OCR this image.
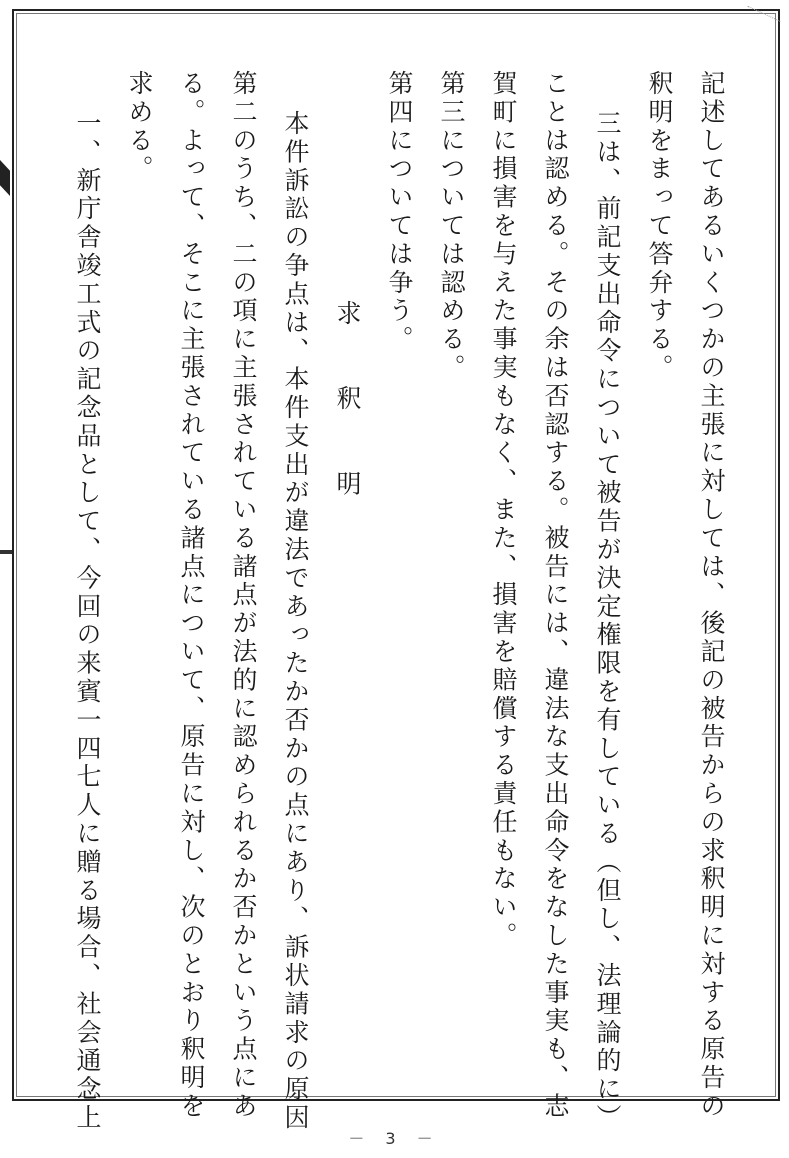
記述してあるいくつかの主張に対しては、後記の被告からの求釈明に対する原告の
釈明をまって答弁する。
三は、前記支出命令について被告が決定権限を有している（但し、法理論的に）
ことは認める。その余は否認する。被告には、違法な支出命令をなした事実も、志
賀町に損害を与えた事実もなく、また、損害を賠償する責任もない。
第三については認める。
第四については争う。
求　　釈　　明
本件訴訟の争点は、本件支出が違法であったか否かの点にあり、訴状請求の原因
第二のうち、二の項に主張されている諸点が法的に認められるか否かという点にあ
る。よって、そこに主張されている諸点について、原告に対し、次のとおり釈明を
求める。
一、新庁舎竣工式の記念品として、今回の来賓一四七人に贈る場合、社会通念上
－ 3 －
